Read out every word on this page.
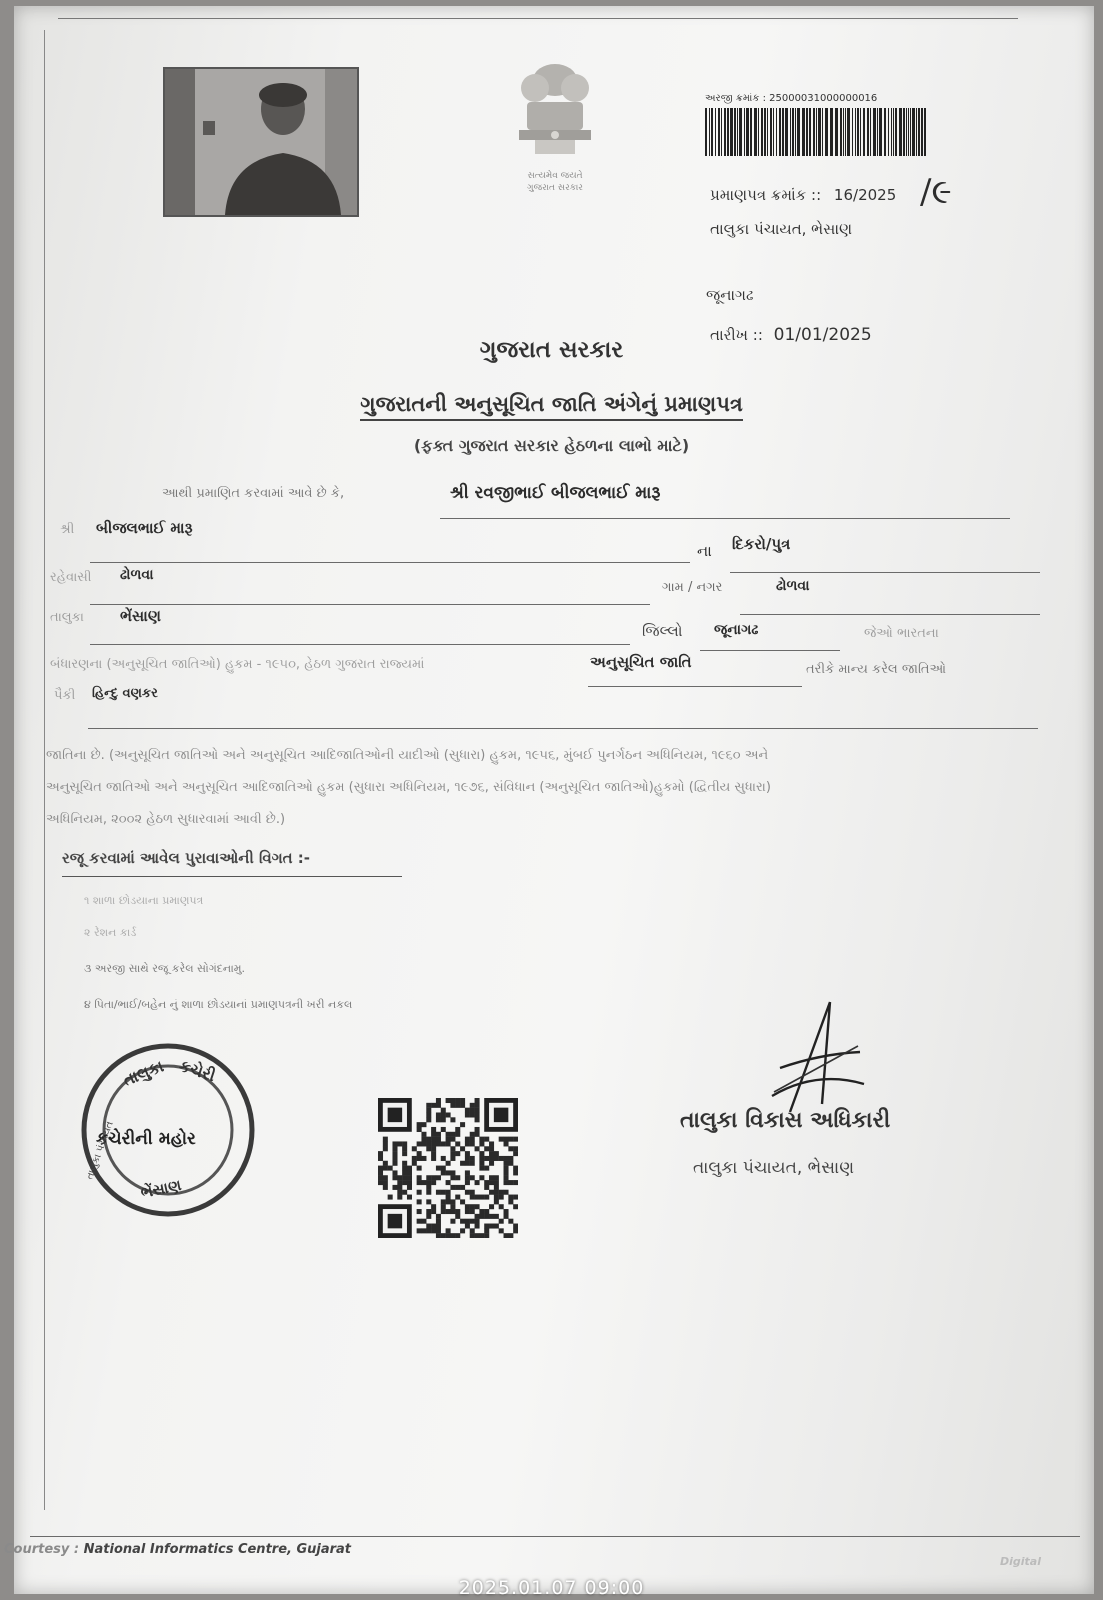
સત્યમેવ જયતે
ગુજરાત સરકાર
અરજી ક્રમાંક : 25000031000000016
પ્રમાણપત્ર ક્રમાંક :: 16/2025 /૯
તાલુકા પંચાયત, ભેસાણ
જૂનાગઢ
તારીખ :: 01/01/2025
ગુજરાત સરકાર
ગુજરાતની અનુસૂચિત જાતિ અંગેનું પ્રમાણપત્ર
(ફક્ત ગુજરાત સરકાર હેઠળના લાભો માટે)
આથી પ્રમાણિત કરવામાં આવે છે કે,	શ્રી રવજીભાઈ બીજલભાઈ મારૂ
શ્રી બીજલભાઈ મારૂ
ના દિકરો/પુત્ર
રહેવાસી ઢોળવા
ગામ / નગર	ઢોળવા
તાલુકા ભેંસાણ
જિલ્લો જૂનાગઢ	જેઓ ભારતના
બંધારણના (અનુસૂચિત જાતિઓ) હુકમ - ૧૯૫૦, હેઠળ ગુજરાત રાજ્યમાં	અનુસૂચિત જાતિ	તરીકે માન્ય કરેલ જાતિઓ
પૈકી હિન્દુ વણકર
જાતિના છે. (અનુસૂચિત જાતિઓ અને અનુસૂચિત આદિજાતિઓની યાદીઓ (સુધારા) હુકમ, ૧૯૫૬, મુંબઈ પુનર્ગઠન અધિનિયમ, ૧૯૬૦ અને
અનુસૂચિત જાતિઓ અને અનુસૂચિત આદિજાતિઓ હુકમ (સુધારા અધિનિયમ, ૧૯૭૬, સંવિધાન (અનુસૂચિત જાતિઓ)હુકમો (દ્વિતીય સુધારા)
અધિનિયમ, ૨૦૦૨ હેઠળ સુધારવામાં આવી છે.)
રજૂ કરવામાં આવેલ પુરાવાઓની વિગત :-
૧ શાળા છોડયાના પ્રમાણપત્ર
૨ રેશન કાર્ડ
૩ અરજી સાથે રજૂ કરેલ સોગંદનામુ.
૪ પિતા/ભાઈ/બહેન નું શાળા છોડયાનાં પ્રમાણપત્રની ખરી નકલ
તાલુકા કચેરી
કચેરીની મહોર
ભેંસાણ
તાલુકા પંચાયત	તાલુકા વિકાસ અધિકારી
તાલુકા પંચાયત, ભેસાણ
Courtesy : National Informatics Centre, Gujarat
Digital
2025.01.07 09:00
